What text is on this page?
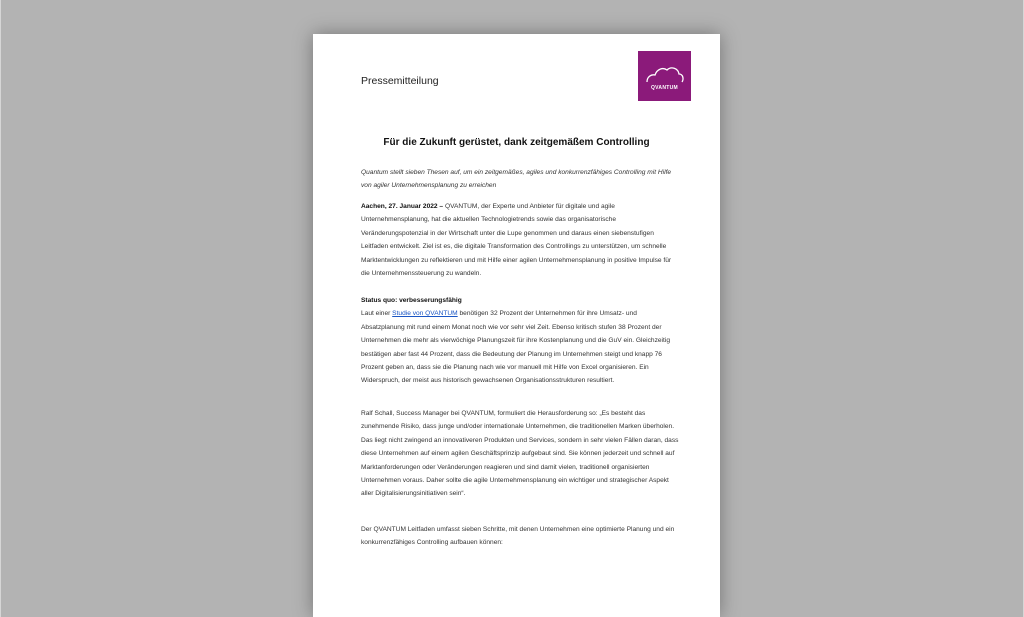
Pressemitteilung
QVANTUM
Für die Zukunft gerüstet, dank zeitgemäßem Controlling
Quantum stellt sieben Thesen auf, um ein zeitgemäßes, agiles und konkurrenzfähiges Controlling mit Hilfe von agiler Unternehmensplanung zu erreichen
Aachen, 27. Januar 2022 – QVANTUM, der Experte und Anbieter für digitale und agile Unternehmensplanung, hat die aktuellen Technologietrends sowie das organisatorische Veränderungspotenzial in der Wirtschaft unter die Lupe genommen und daraus einen siebenstufigen Leitfaden entwickelt. Ziel ist es, die digitale Transformation des Controllings zu unterstützen, um schnelle Marktentwicklungen zu reflektieren und mit Hilfe einer agilen Unternehmensplanung in positive Impulse für die Unternehmenssteuerung zu wandeln.
Status quo: verbesserungsfähig
Laut einer Studie von QVANTUM benötigen 32 Prozent der Unternehmen für ihre Umsatz- und Absatzplanung mit rund einem Monat noch wie vor sehr viel Zeit. Ebenso kritisch stufen 38 Prozent der Unternehmen die mehr als vierwöchige Planungszeit für ihre Kostenplanung und die GuV ein. Gleichzeitig bestätigen aber fast 44 Prozent, dass die Bedeutung der Planung im Unternehmen steigt und knapp 76 Prozent geben an, dass sie die Planung nach wie vor manuell mit Hilfe von Excel organisieren. Ein Widerspruch, der meist aus historisch gewachsenen Organisationsstrukturen resultiert.
Ralf Schall, Success Manager bei QVANTUM, formuliert die Herausforderung so: „Es besteht das zunehmende Risiko, dass junge und/oder internationale Unternehmen, die traditionellen Marken überholen. Das liegt nicht zwingend an innovativeren Produkten und Services, sondern in sehr vielen Fällen daran, dass diese Unternehmen auf einem agilen Geschäftsprinzip aufgebaut sind. Sie können jederzeit und schnell auf Marktanforderungen oder Veränderungen reagieren und sind damit vielen, traditionell organisierten Unternehmen voraus. Daher sollte die agile Unternehmensplanung ein wichtiger und strategischer Aspekt aller Digitalisierungsinitiativen sein“.
Der QVANTUM Leitfaden umfasst sieben Schritte, mit denen Unternehmen eine optimierte Planung und ein konkurrenzfähiges Controlling aufbauen können:
